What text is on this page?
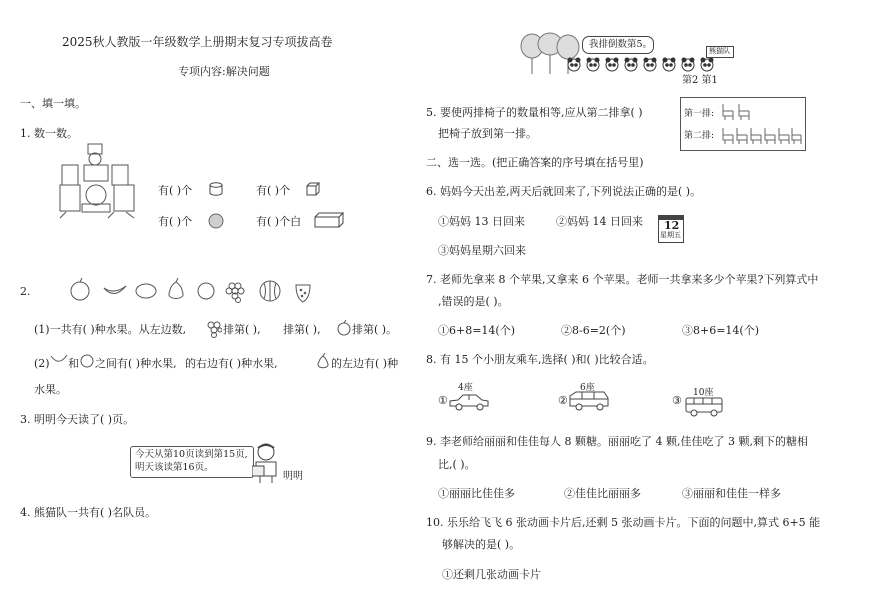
2025秋人教版一年级数学上册期末复习专项拔高卷
专项内容:解决问题
一、填一填。
1. 数一数。
有( )个	有( )个
有( )个	有( )个白
2.
(1)一共有( )种水果。从左边数,	排第( ), 排第( ),	排第( )。
(2) 和 之间有( )种水果, 的右边有( )种水果,	的左边有( )种
水果。
3. 明明今天读了( )页。
今天从第10页读到第15页,
明天该读第16页。
明明
4. 熊猫队一共有( )名队员。
我排倒数第5。
熊猫队
第2 第1
5. 要使两排椅子的数量相等,应从第二排拿( )
把椅子放到第一排。
第一排:
第二排:
二、选一选。(把正确答案的序号填在括号里)
6. 妈妈今天出差,两天后就回来了,下列说法正确的是( )。
①妈妈 13 日回来	②妈妈 14 日回来 12
星期五
③妈妈星期六回来
7. 老师先拿来 8 个苹果,又拿来 6 个苹果。老师一共拿来多少个苹果?下列算式中
,错误的是( )。
①6+8=14(个)	②8-6=2(个)	③8+6=14(个)
8. 有 15 个小朋友乘车,选择( )和( )比较合适。
①
4座
②
6座
③
10座
9. 李老师给丽丽和佳佳每人 8 颗糖。丽丽吃了 4 颗,佳佳吃了 3 颗,剩下的糖相
比,( )。
①丽丽比佳佳多	②佳佳比丽丽多	③丽丽和佳佳一样多
10. 乐乐给飞飞 6 张动画卡片后,还剩 5 张动画卡片。下面的问题中,算式 6+5 能
够解决的是( )。
①还剩几张动画卡片
